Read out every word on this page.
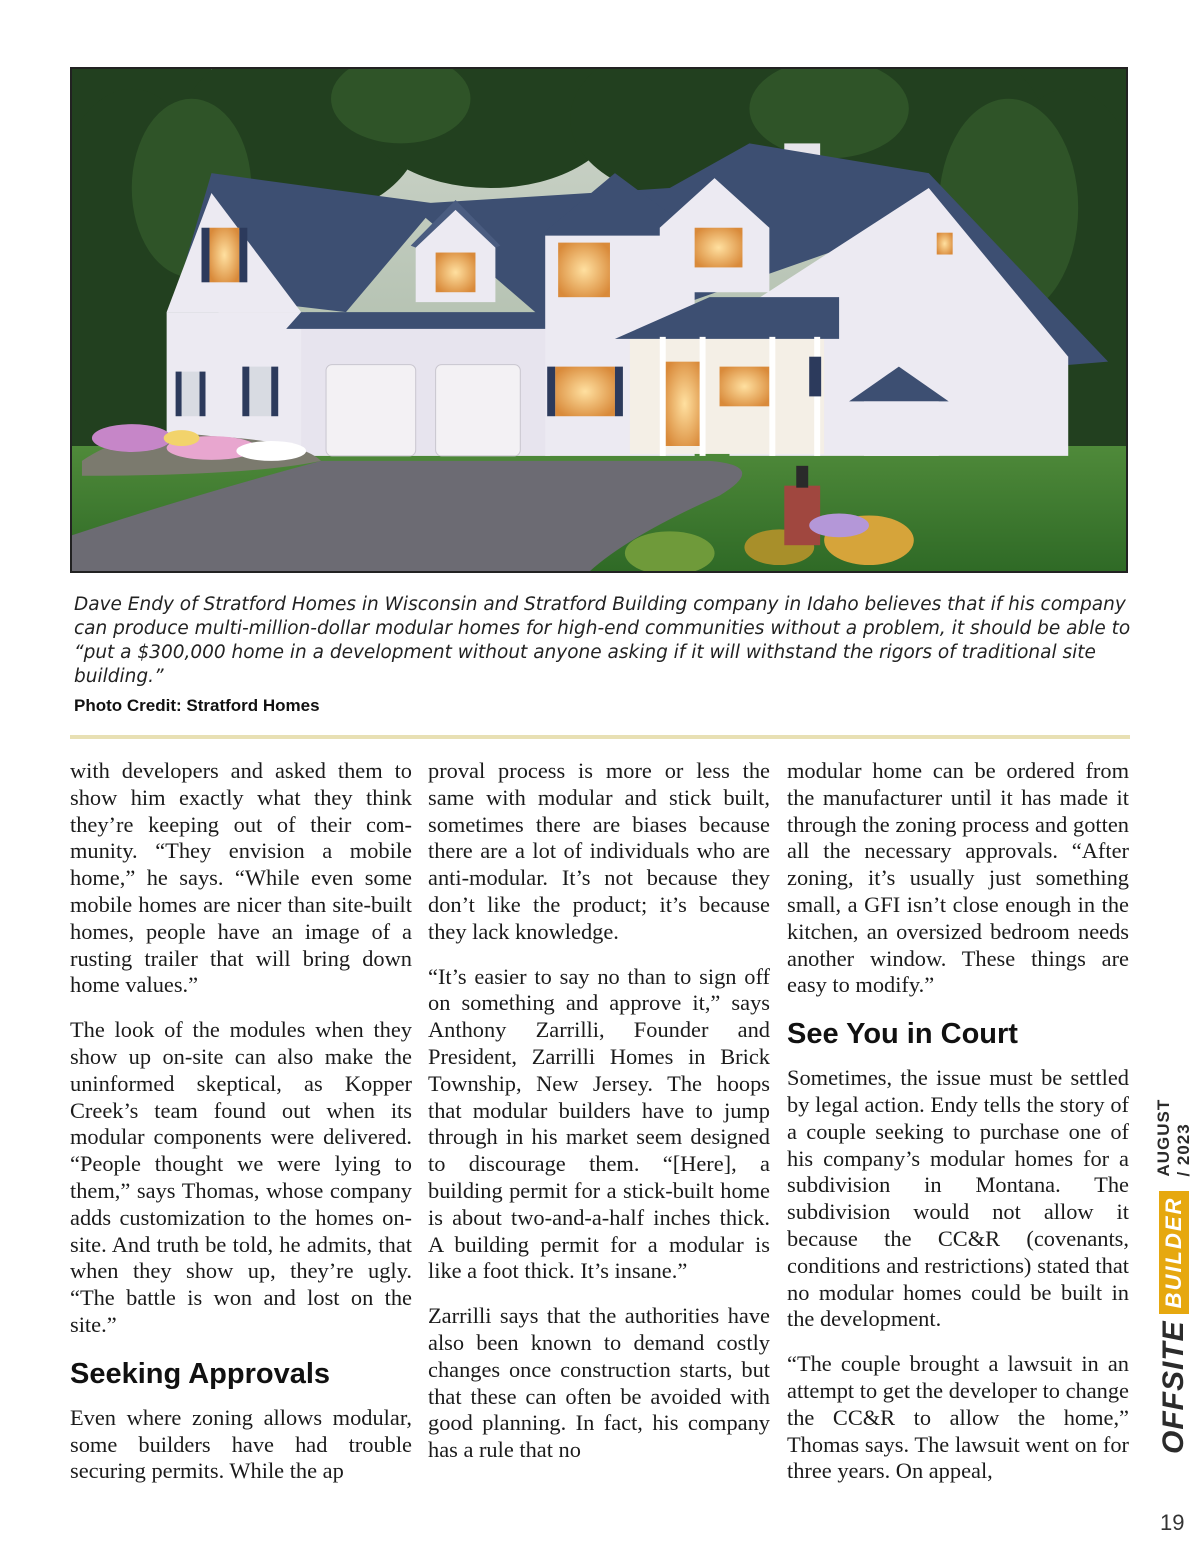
Dave Endy of Stratford Homes in Wisconsin and Stratford Building company in Idaho believes that if his company can produce multi-million-dollar modular homes for high-end communities without a problem, it should be able to “put a $300,000 home in a development without anyone asking if it will withstand the rigors of traditional site building.”

Photo Credit: Stratford Homes

with developers and asked them to show him exactly what they think they’re keeping out of their community. “They envision a mobile home,” he says. “While even some mobile homes are nicer than site-built homes, people have an image of a rusting trailer that will bring down home values.”

The look of the modules when they show up on-site can also make the uninformed skeptical, as Kopper Creek’s team found out when its modular components were delivered. “People thought we were lying to them,” says Thomas, whose company adds customization to the homes on-site. And truth be told, he admits, that when they show up, they’re ugly. “The battle is won and lost on the site.”

Seeking Approvals

Even where zoning allows modular, some builders have had trouble securing permits. While the ap

proval process is more or less the same with modular and stick built, sometimes there are biases because there are a lot of individuals who are anti-modular. It’s not because they don’t like the product; it’s because they lack knowledge.

“It’s easier to say no than to sign off on something and approve it,” says Anthony Zarrilli, Founder and President, Zarrilli Homes in Brick Township, New Jersey. The hoops that modular builders have to jump through in his market seem designed to discourage them. “[Here], a building permit for a stick-built home is about two-and-a-half inches thick. A building permit for a modular is like a foot thick. It’s insane.”

Zarrilli says that the authorities have also been known to demand costly changes once construction starts, but that these can often be avoided with good planning. In fact, his company has a rule that no

modular home can be ordered from the manufacturer until it has made it through the zoning process and gotten all the necessary approvals. “After zoning, it’s usually just something small, a GFI isn’t close enough in the kitchen, an oversized bedroom needs another window. These things are easy to modify.”

See You in Court

Sometimes, the issue must be settled by legal action. Endy tells the story of a couple seeking to purchase one of his company’s modular homes for a subdivision in Montana. The subdivision would not allow it because the CC&R (covenants, conditions and restrictions) stated that no modular homes could be built in the development.

“The couple brought a lawsuit in an attempt to get the developer to change the CC&R to allow the home,” Thomas says. The lawsuit went on for three years. On appeal,

OFFSITE
BUILDER
AUGUST / 2023
19
